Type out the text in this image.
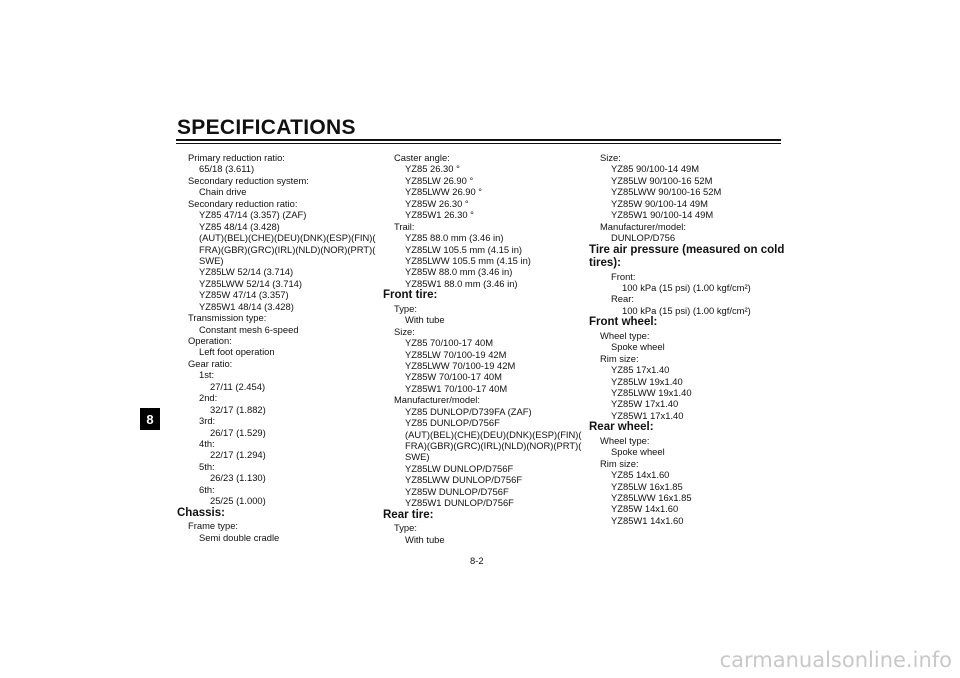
SPECIFICATIONS
8
Primary reduction ratio:
65/18 (3.611)
Secondary reduction system:
Chain drive
Secondary reduction ratio:
YZ85 47/14 (3.357) (ZAF)
YZ85 48/14 (3.428)
(AUT)(BEL)(CHE)(DEU)(DNK)(ESP)(FIN)(
FRA)(GBR)(GRC)(IRL)(NLD)(NOR)(PRT)(
SWE)
YZ85LW 52/14 (3.714)
YZ85LWW 52/14 (3.714)
YZ85W 47/14 (3.357)
YZ85W1 48/14 (3.428)
Transmission type:
Constant mesh 6-speed
Operation:
Left foot operation
Gear ratio:
1st:
27/11 (2.454)
2nd:
32/17 (1.882)
3rd:
26/17 (1.529)
4th:
22/17 (1.294)
5th:
26/23 (1.130)
6th:
25/25 (1.000)
Chassis:
Frame type:
Semi double cradle
Caster angle:
YZ85 26.30 °
YZ85LW 26.90 °
YZ85LWW 26.90 °
YZ85W 26.30 °
YZ85W1 26.30 °
Trail:
YZ85 88.0 mm (3.46 in)
YZ85LW 105.5 mm (4.15 in)
YZ85LWW 105.5 mm (4.15 in)
YZ85W 88.0 mm (3.46 in)
YZ85W1 88.0 mm (3.46 in)
Front tire:
Type:
With tube
Size:
YZ85 70/100-17 40M
YZ85LW 70/100-19 42M
YZ85LWW 70/100-19 42M
YZ85W 70/100-17 40M
YZ85W1 70/100-17 40M
Manufacturer/model:
YZ85 DUNLOP/D739FA (ZAF)
YZ85 DUNLOP/D756F
(AUT)(BEL)(CHE)(DEU)(DNK)(ESP)(FIN)(
FRA)(GBR)(GRC)(IRL)(NLD)(NOR)(PRT)(
SWE)
YZ85LW DUNLOP/D756F
YZ85LWW DUNLOP/D756F
YZ85W DUNLOP/D756F
YZ85W1 DUNLOP/D756F
Rear tire:
Type:
With tube
Size:
YZ85 90/100-14 49M
YZ85LW 90/100-16 52M
YZ85LWW 90/100-16 52M
YZ85W 90/100-14 49M
YZ85W1 90/100-14 49M
Manufacturer/model:
DUNLOP/D756
Tire air pressure (measured on cold
tires):
Front:
100 kPa (15 psi) (1.00 kgf/cm²)
Rear:
100 kPa (15 psi) (1.00 kgf/cm²)
Front wheel:
Wheel type:
Spoke wheel
Rim size:
YZ85 17x1.40
YZ85LW 19x1.40
YZ85LWW 19x1.40
YZ85W 17x1.40
YZ85W1 17x1.40
Rear wheel:
Wheel type:
Spoke wheel
Rim size:
YZ85 14x1.60
YZ85LW 16x1.85
YZ85LWW 16x1.85
YZ85W 14x1.60
YZ85W1 14x1.60
8-2
carmanualsonline.info
